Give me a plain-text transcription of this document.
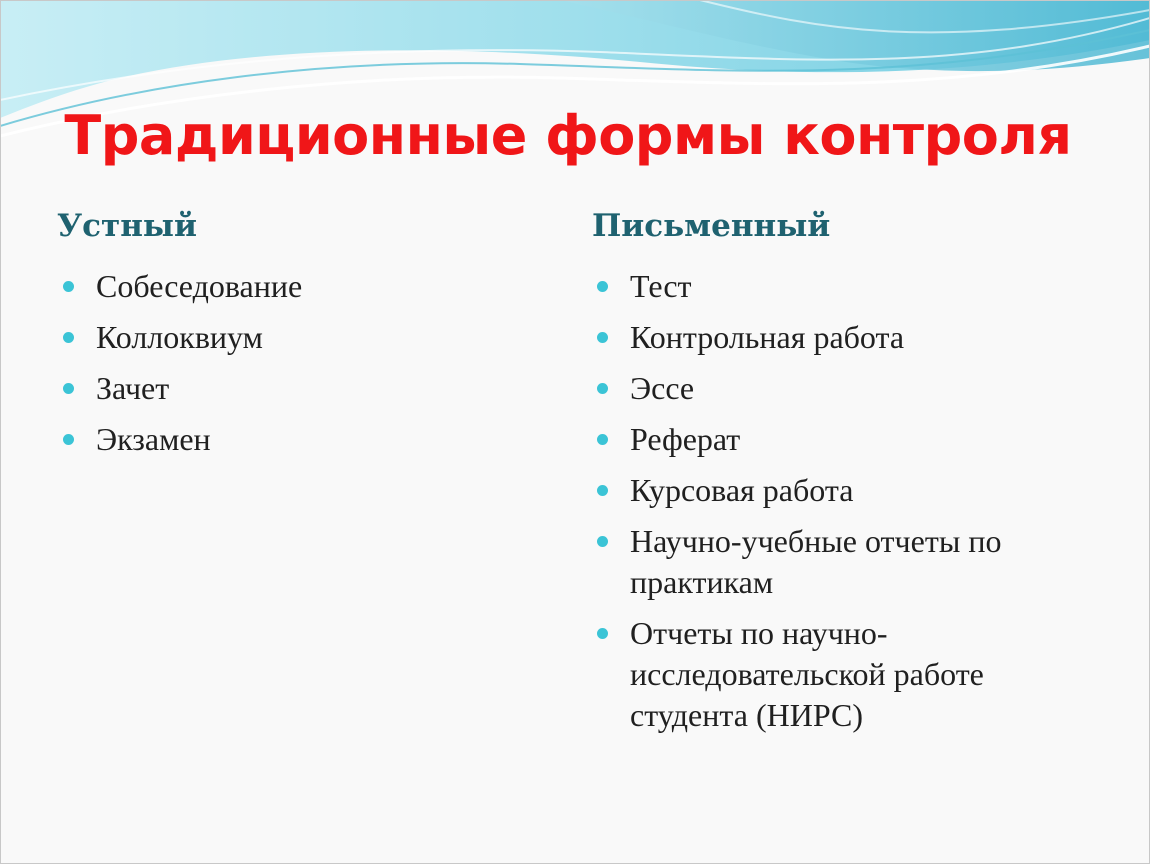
Традиционные формы контроля
Устный	Письменный
Собеседование
Коллоквиум
Зачет
Экзамен
Тест
Контрольная работа
Эссе
Реферат
Курсовая работа
Научно-учебные отчеты по практикам
Отчеты по научно-исследовательской работе студента (НИРС)
